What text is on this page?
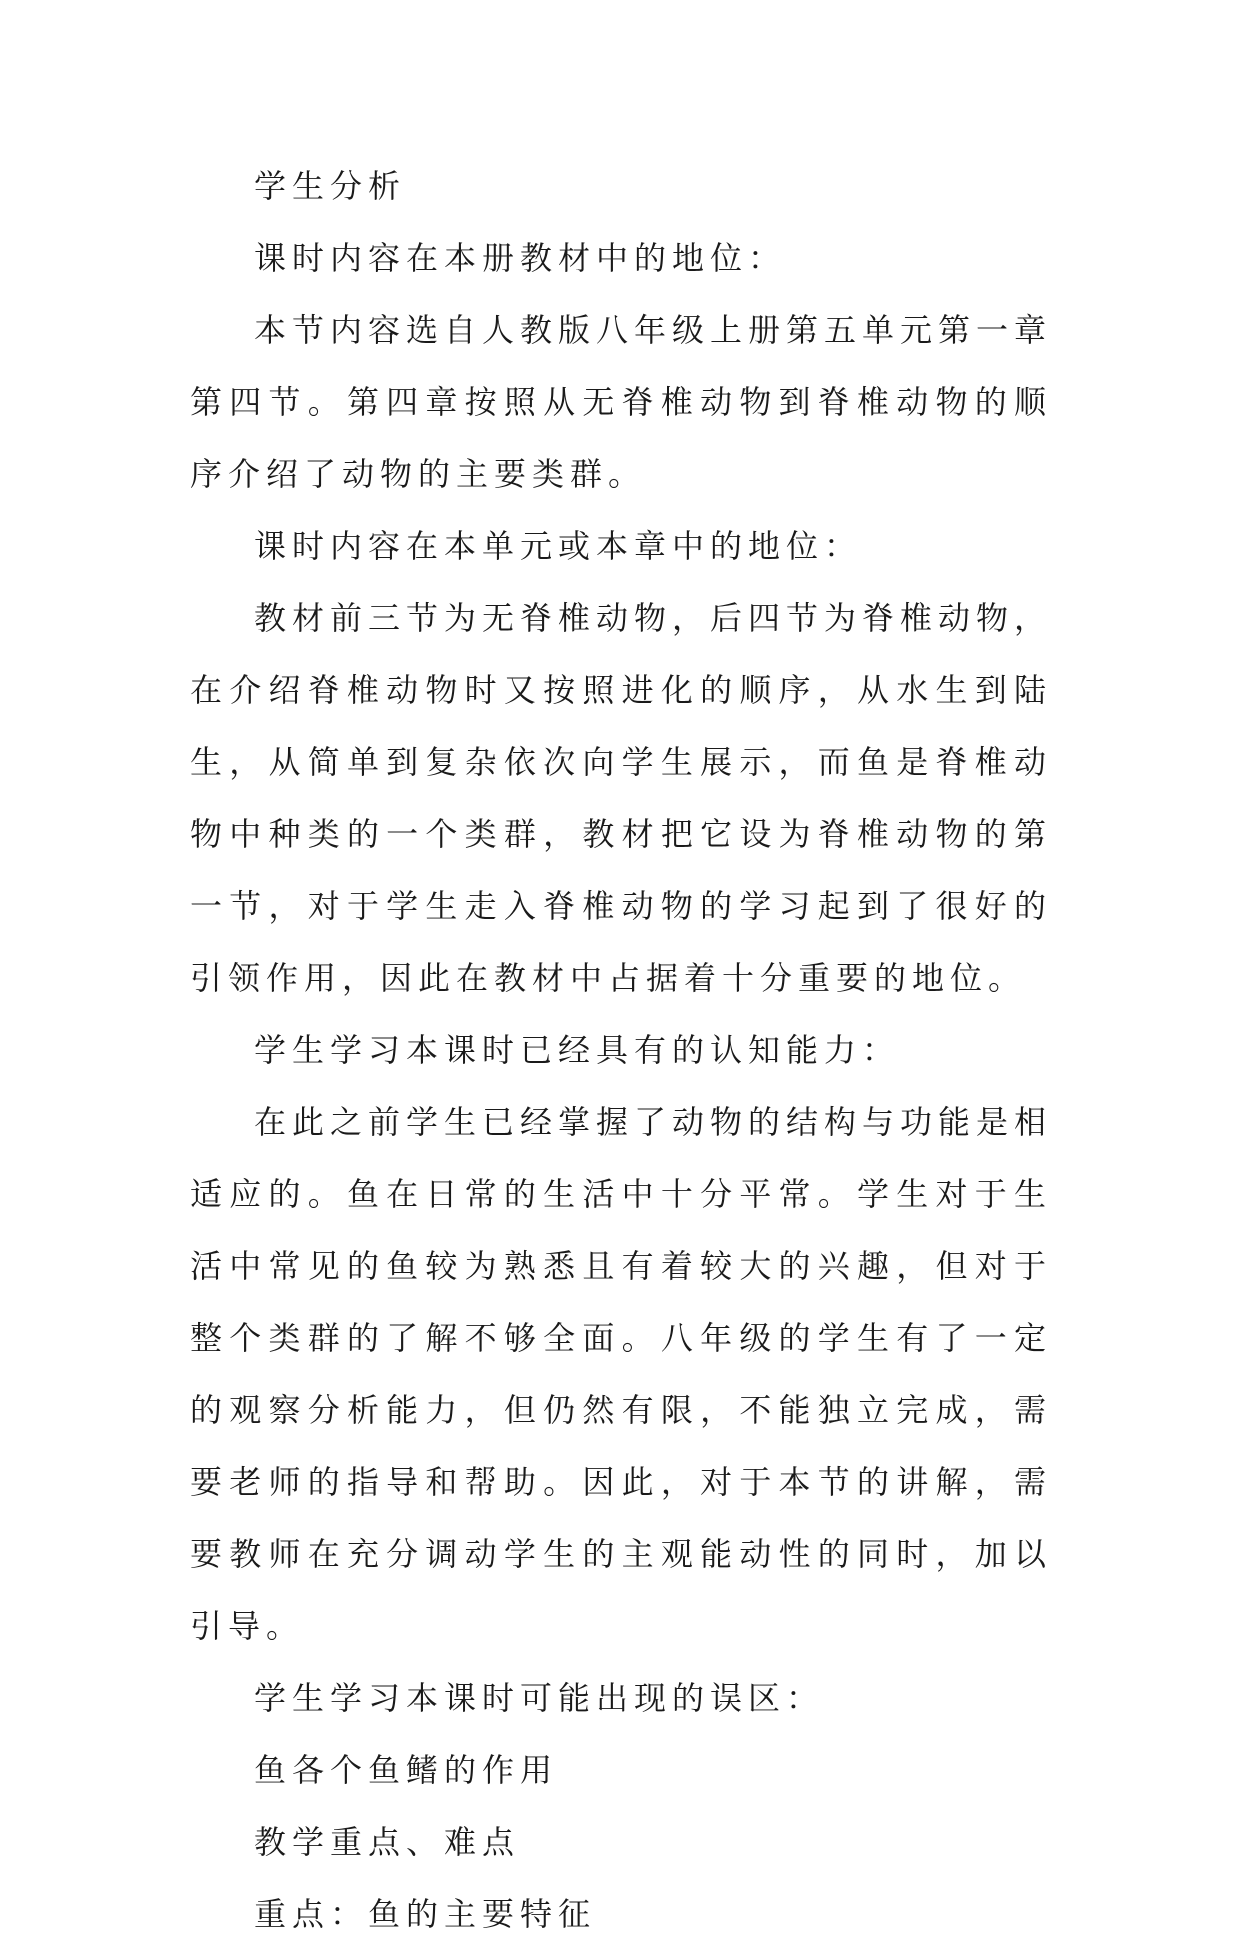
学生分析

课时内容在本册教材中的地位：

本节内容选自人教版八年级上册第五单元第一章第四节。第四章按照从无脊椎动物到脊椎动物的顺序介绍了动物的主要类群。

课时内容在本单元或本章中的地位：

教材前三节为无脊椎动物，后四节为脊椎动物，在介绍脊椎动物时又按照进化的顺序，从水生到陆生，从简单到复杂依次向学生展示，而鱼是脊椎动物中种类的一个类群，教材把它设为脊椎动物的第一节，对于学生走入脊椎动物的学习起到了很好的引领作用，因此在教材中占据着十分重要的地位。

学生学习本课时已经具有的认知能力：

在此之前学生已经掌握了动物的结构与功能是相适应的。鱼在日常的生活中十分平常。学生对于生活中常见的鱼较为熟悉且有着较大的兴趣，但对于整个类群的了解不够全面。八年级的学生有了一定的观察分析能力，但仍然有限，不能独立完成，需要老师的指导和帮助。因此，对于本节的讲解，需要教师在充分调动学生的主观能动性的同时，加以引导。

学生学习本课时可能出现的误区：

鱼各个鱼鳍的作用

教学重点、难点

重点：鱼的主要特征
